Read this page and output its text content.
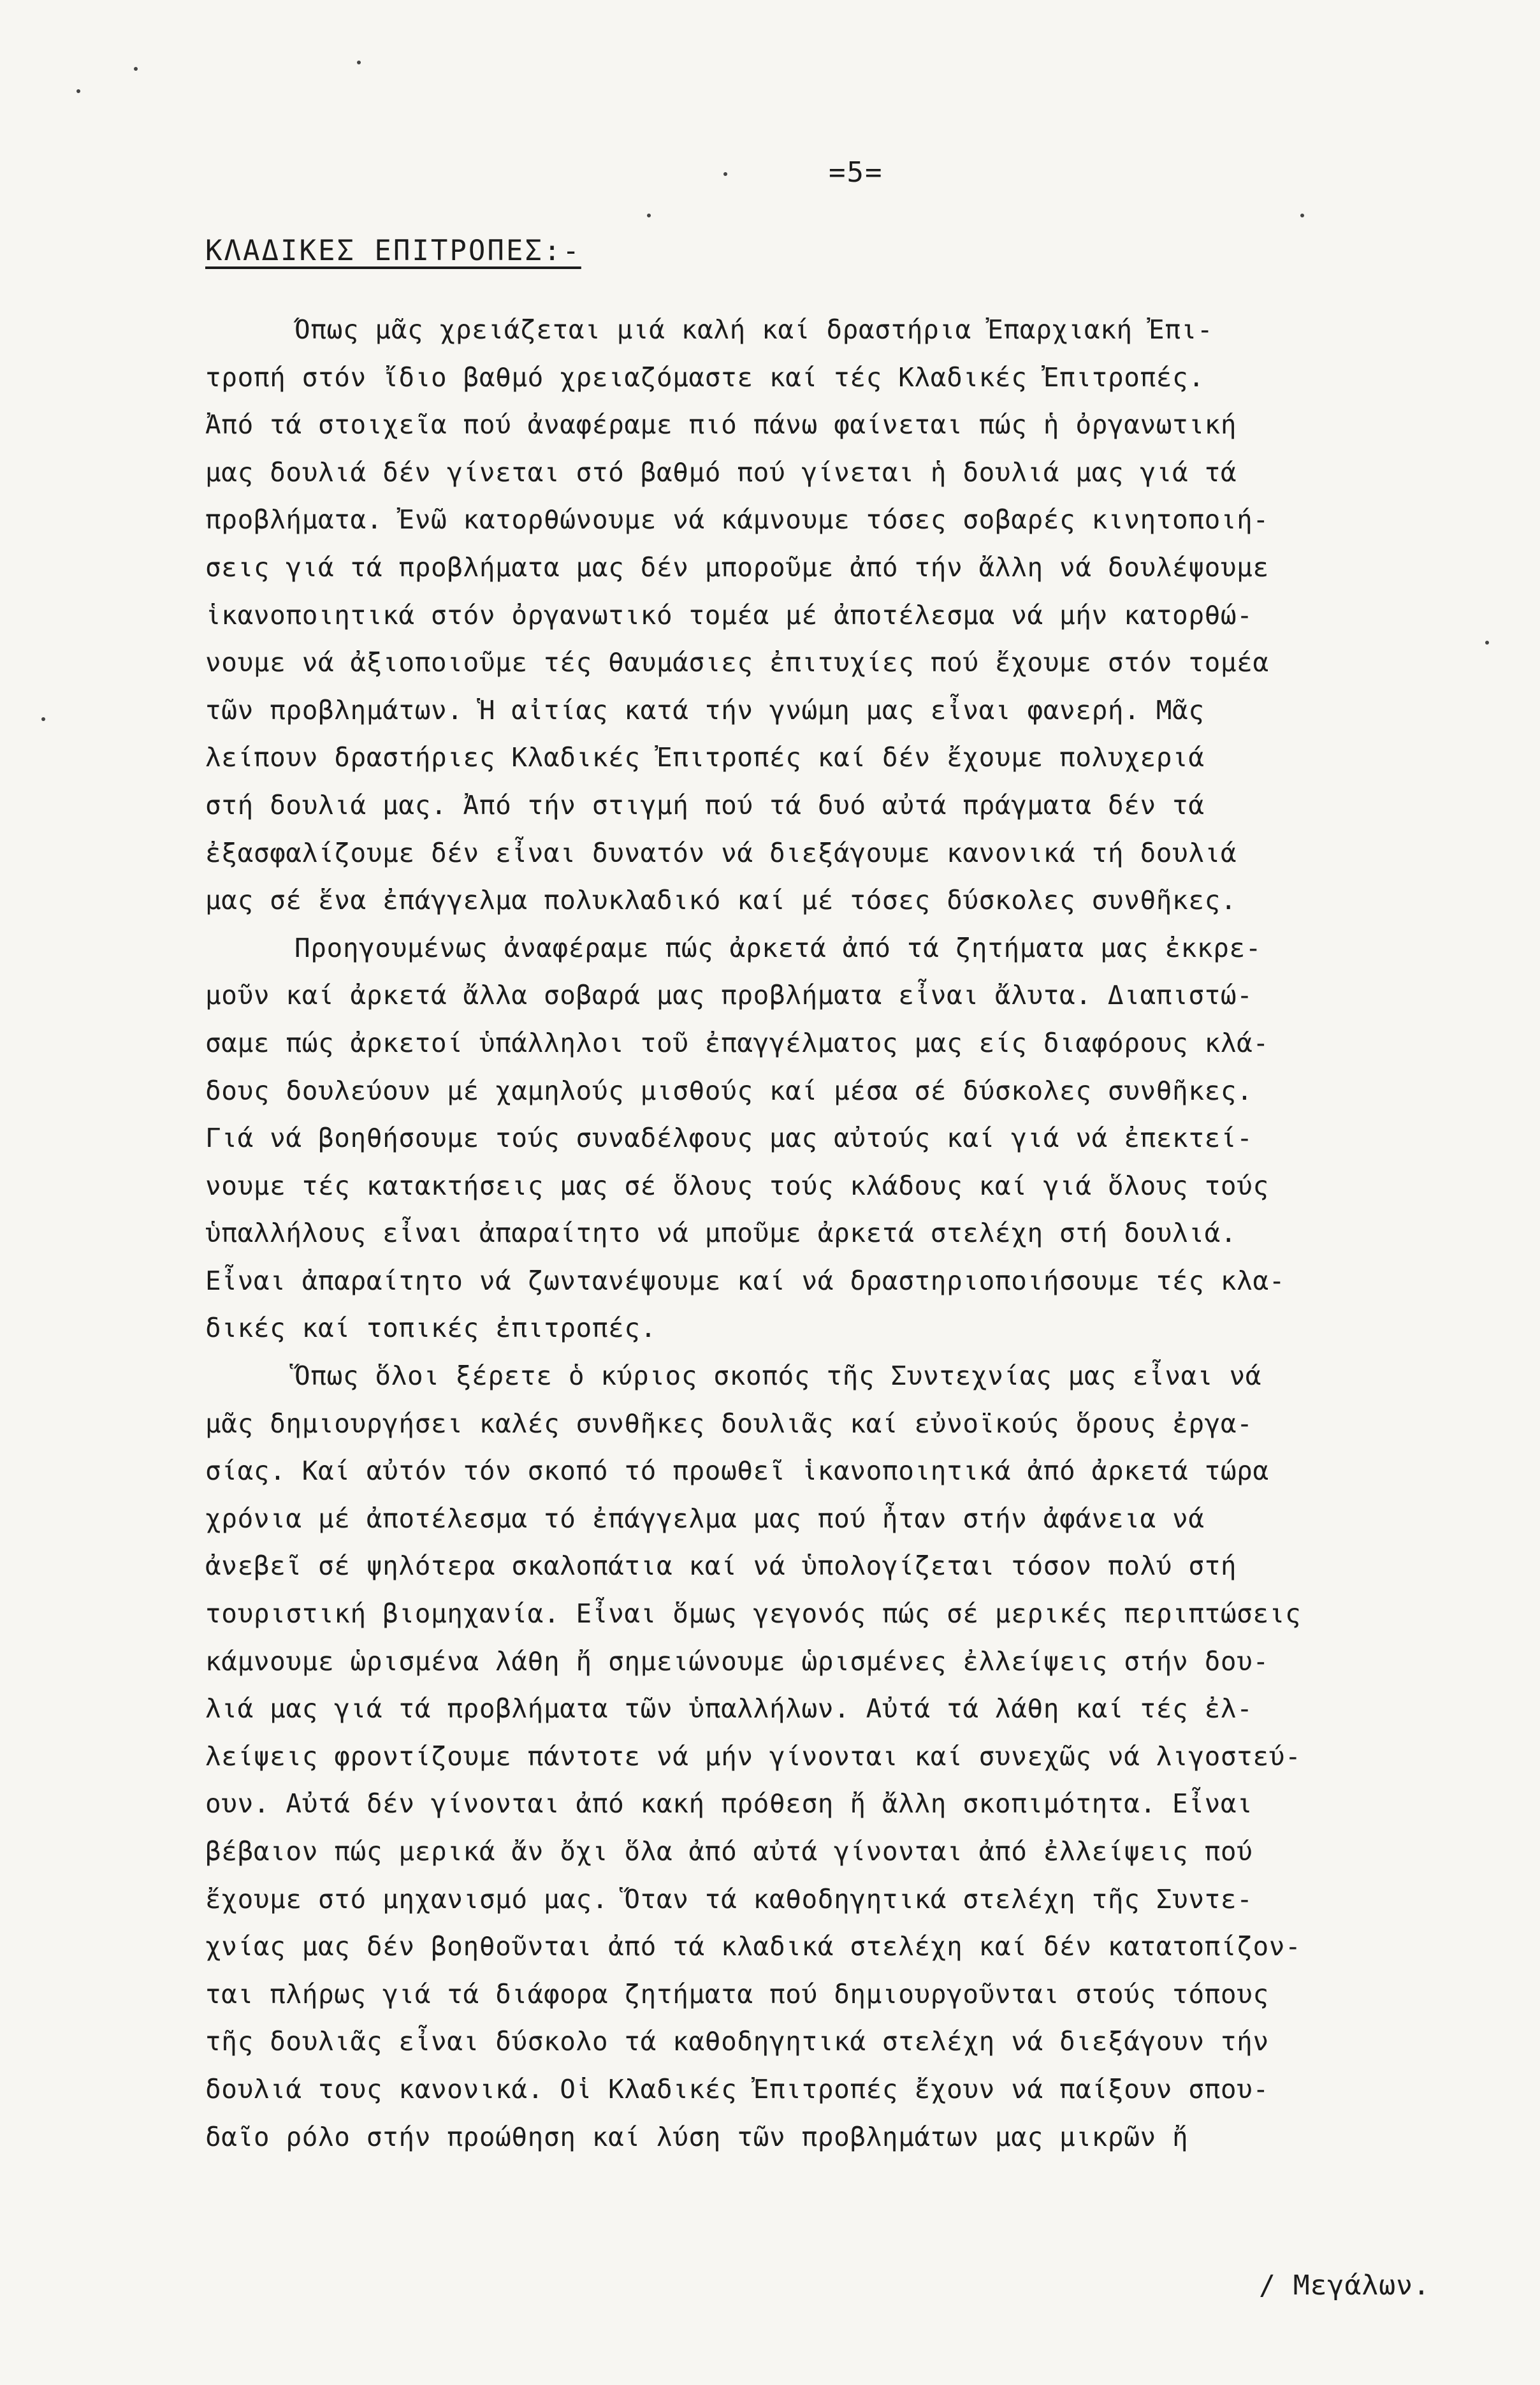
=5=
ΚΛΑΔΙΚΕΣ ΕΠΙΤΡΟΠΕΣ:-
Όπως μᾶς χρειάζεται μιά καλή καί δραστήρια Ἐπαρχιακή Ἐπι-
τροπή στόν ἴδιο βαθμό χρειαζόμαστε καί τές Κλαδικές Ἐπιτροπές.
Ἀπό τά στοιχεῖα πού ἀναφέραμε πιό πάνω φαίνεται πώς ἡ ὀργανωτική
μας δουλιά δέν γίνεται στό βαθμό πού γίνεται ἡ δουλιά μας γιά τά
προβλήματα. Ἐνῶ κατορθώνουμε νά κάμνουμε τόσες σοβαρές κινητοποιή-
σεις γιά τά προβλήματα μας δέν μποροῦμε ἀπό τήν ἄλλη νά δουλέψουμε
ἱκανοποιητικά στόν ὀργανωτικό τομέα μέ ἀποτέλεσμα νά μήν κατορθώ-
νουμε νά ἀξιοποιοῦμε τές θαυμάσιες ἐπιτυχίες πού ἔχουμε στόν τομέα
τῶν προβλημάτων. Ἡ αἰτίας κατά τήν γνώμη μας εἶναι φανερή. Μᾶς
λείπουν δραστήριες Κλαδικές Ἐπιτροπές καί δέν ἔχουμε πολυχεριά
στή δουλιά μας. Ἀπό τήν στιγμή πού τά δυό αὐτά πράγματα δέν τά
ἐξασφαλίζουμε δέν εἶναι δυνατόν νά διεξάγουμε κανονικά τή δουλιά
μας σέ ἕνα ἐπάγγελμα πολυκλαδικό καί μέ τόσες δύσκολες συνθῆκες.
Προηγουμένως ἀναφέραμε πώς ἀρκετά ἀπό τά ζητήματα μας ἐκκρε-
μοῦν καί ἀρκετά ἄλλα σοβαρά μας προβλήματα εἶναι ἄλυτα. Διαπιστώ-
σαμε πώς ἀρκετοί ὑπάλληλοι τοῦ ἐπαγγέλματος μας είς διαφόρους κλά-
δους δουλεύουν μέ χαμηλούς μισθούς καί μέσα σέ δύσκολες συνθῆκες.
Γιά νά βοηθήσουμε τούς συναδέλφους μας αὐτούς καί γιά νά ἐπεκτεί-
νουμε τές κατακτήσεις μας σέ ὅλους τούς κλάδους καί γιά ὅλους τούς
ὑπαλλήλους εἶναι ἀπαραίτητο νά μποῦμε ἀρκετά στελέχη στή δουλιά.
Εἶναι ἀπαραίτητο νά ζωντανέψουμε καί νά δραστηριοποιήσουμε τές κλα-
δικές καί τοπικές ἐπιτροπές.
Ὅπως ὅλοι ξέρετε ὁ κύριος σκοπός τῆς Συντεχνίας μας εἶναι νά
μᾶς δημιουργήσει καλές συνθῆκες δουλιᾶς καί εὐνοϊκούς ὅρους ἐργα-
σίας. Καί αὐτόν τόν σκοπό τό προωθεῖ ἱκανοποιητικά ἀπό ἀρκετά τώρα
χρόνια μέ ἀποτέλεσμα τό ἐπάγγελμα μας πού ἦταν στήν ἀφάνεια νά
ἀνεβεῖ σέ ψηλότερα σκαλοπάτια καί νά ὑπολογίζεται τόσον πολύ στή
τουριστική βιομηχανία. Εἶναι ὅμως γεγονός πώς σέ μερικές περιπτώσεις
κάμνουμε ὡρισμένα λάθη ἤ σημειώνουμε ὡρισμένες ἐλλείψεις στήν δου-
λιά μας γιά τά προβλήματα τῶν ὑπαλλήλων. Αὐτά τά λάθη καί τές ἐλ-
λείψεις φροντίζουμε πάντοτε νά μήν γίνονται καί συνεχῶς νά λιγοστεύ-
ουν. Αὐτά δέν γίνονται ἀπό κακή πρόθεση ἤ ἄλλη σκοπιμότητα. Εἶναι
βέβαιον πώς μερικά ἄν ὄχι ὅλα ἀπό αὐτά γίνονται ἀπό ἐλλείψεις πού
ἔχουμε στό μηχανισμό μας. Ὅταν τά καθοδηγητικά στελέχη τῆς Συντε-
χνίας μας δέν βοηθοῦνται ἀπό τά κλαδικά στελέχη καί δέν κατατοπίζον-
ται πλήρως γιά τά διάφορα ζητήματα πού δημιουργοῦνται στούς τόπους
τῆς δουλιᾶς εἶναι δύσκολο τά καθοδηγητικά στελέχη νά διεξάγουν τήν
δουλιά τους κανονικά. Οἱ Κλαδικές Ἐπιτροπές ἔχουν νά παίξουν σπου-
δαῖο ρόλο στήν προώθηση καί λύση τῶν προβλημάτων μας μικρῶν ἤ
/ Μεγάλων.
